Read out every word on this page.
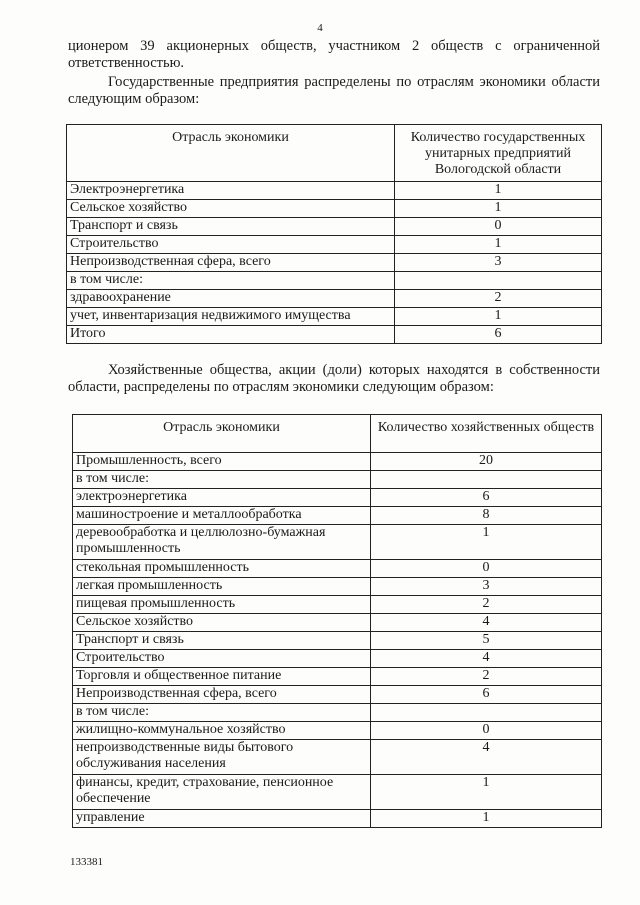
4

ционером 39 акционерных обществ, участником 2 обществ с ограниченной ответственностью.

Государственные предприятия распределены по отраслям экономики области следующим образом:

Отрасль экономики	Количество государственных унитарных предприятий Вологодской области
Электроэнергетика	1
Сельское хозяйство	1
Транспорт и связь	0
Строительство	1
Непроизводственная сфера, всего	3
в том числе:	
здравоохранение	2
учет, инвентаризация недвижимого имущества	1
Итого	6

Хозяйственные общества, акции (доли) которых находятся в собственности области, распределены по отраслям экономики следующим образом:

Отрасль экономики	Количество хозяйственных обществ
Промышленность, всего	20
в том числе:	
электроэнергетика	6
машиностроение и металлообработка	8
деревообработка и целлюлозно-бумажная промышленность	1
стекольная промышленность	0
легкая промышленность	3
пищевая промышленность	2
Сельское хозяйство	4
Транспорт и связь	5
Строительство	4
Торговля и общественное питание	2
Непроизводственная сфера, всего	6
в том числе:	
жилищно-коммунальное хозяйство	0
непроизводственные виды бытового обслуживания населения	4
финансы, кредит, страхование, пенсионное обеспечение	1
управление	1
133381
